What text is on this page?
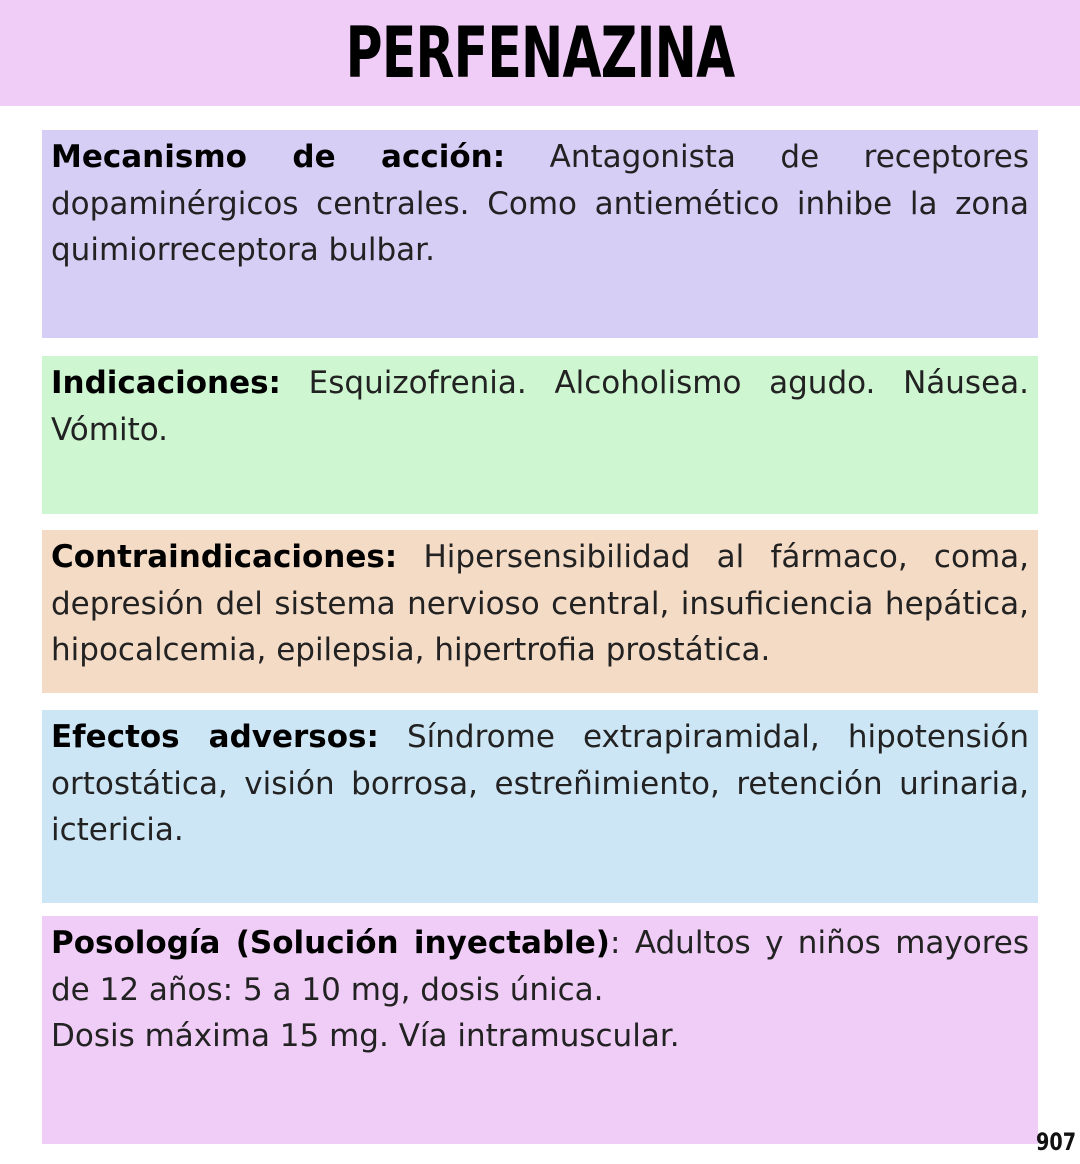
PERFENAZINA
Mecanismo de acción: Antagonista de receptores dopaminérgicos centrales. Como antiemético inhibe la zona quimiorreceptora bulbar.
Indicaciones: Esquizofrenia. Alcoholismo agudo. Náusea. Vómito.
Contraindicaciones: Hipersensibilidad al fármaco, coma, depresión del sistema nervioso central, insuficiencia hepática, hipocalcemia, epilepsia, hipertrofia prostática.
Efectos adversos: Síndrome extrapiramidal, hipotensión ortostática, visión borrosa, estreñimiento, retención urinaria, ictericia.
Posología (Solución inyectable): Adultos y niños mayores de 12 años: 5 a 10 mg, dosis única.
Dosis máxima 15 mg. Vía intramuscular.
907
